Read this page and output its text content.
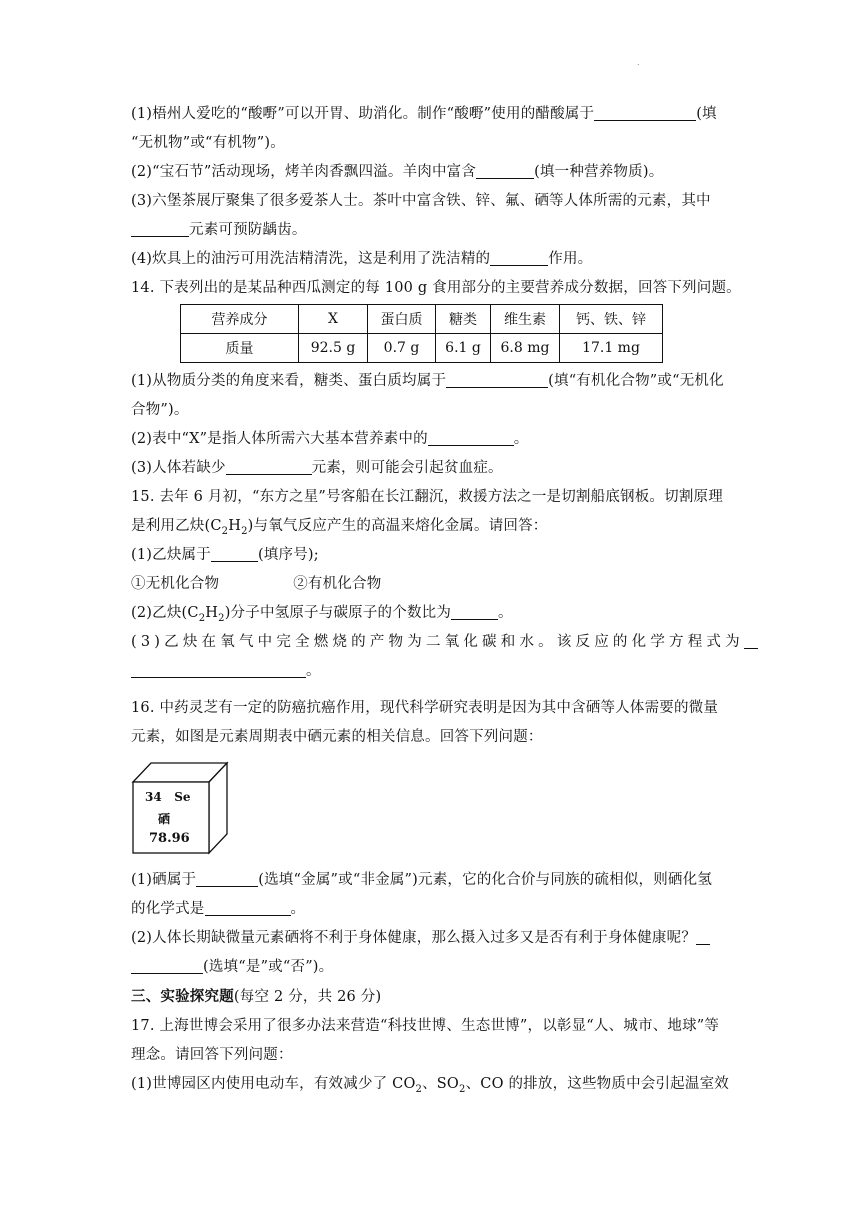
.

(1)梧州人爱吃的“酸嘢”可以开胃、助消化。制作“酸嘢”使用的醋酸属于	(填

“无机物”或“有机物”)。

(2)“宝石节”活动现场，烤羊肉香飘四溢。羊肉中富含	(填一种营养物质)。

(3)六堡茶展厅聚集了很多爱茶人士。茶叶中富含铁、锌、氟、硒等人体所需的元素，其中

元素可预防龋齿。

(4)炊具上的油污可用洗洁精清洗，这是利用了洗洁精的	作用。

14. 下表列出的是某品种西瓜测定的每 100 g 食用部分的主要营养成分数据，回答下列问题。

营养成分	X	蛋白质	糖类	维生素	钙、铁、锌
质量	92.5 g	0.7 g	6.1 g	6.8 mg	17.1 mg

(1)从物质分类的角度来看，糖类、蛋白质均属于	(填“有机化合物”或“无机化

合物”)。

(2)表中“X”是指人体所需六大基本营养素中的	。

(3)人体若缺少	元素，则可能会引起贫血症。

15. 去年 6 月初，“东方之星”号客船在长江翻沉，救援方法之一是切割船底钢板。切割原理

是利用乙炔$(C_2H_2)$与氧气反应产生的高温来熔化金属。请回答：

(1)乙炔属于	(填序号);

①无机化合物	②有机化合物

(2)乙炔$(C_2H_2)$分子中氢原子与碳原子的个数比为	。

(3)乙炔在氧气中完全燃烧的产物为二氧化碳和水。该反应的化学方程式为

。

16. 中药灵芝有一定的防癌抗癌作用，现代科学研究表明是因为其中含硒等人体需要的微量

元素，如图是元素周期表中硒元素的相关信息。回答下列问题：

34 Se
硒
78.96

(1)硒属于	(选填“金属”或“非金属”)元素，它的化合价与同族的硫相似，则硒化氢

的化学式是	。

(2)人体长期缺微量元素硒将不利于身体健康，那么摄入过多又是否有利于身体健康呢？

(选填“是”或“否”)。

三、实验探究题(每空 2 分，共 26 分)

17. 上海世博会采用了很多办法来营造“科技世博、生态世博”，以彰显“人、城市、地球”等

理念。请回答下列问题：

(1)世博园区内使用电动车，有效减少了 $CO_2$、$SO_2$、CO 的排放，这些物质中会引起温室效
